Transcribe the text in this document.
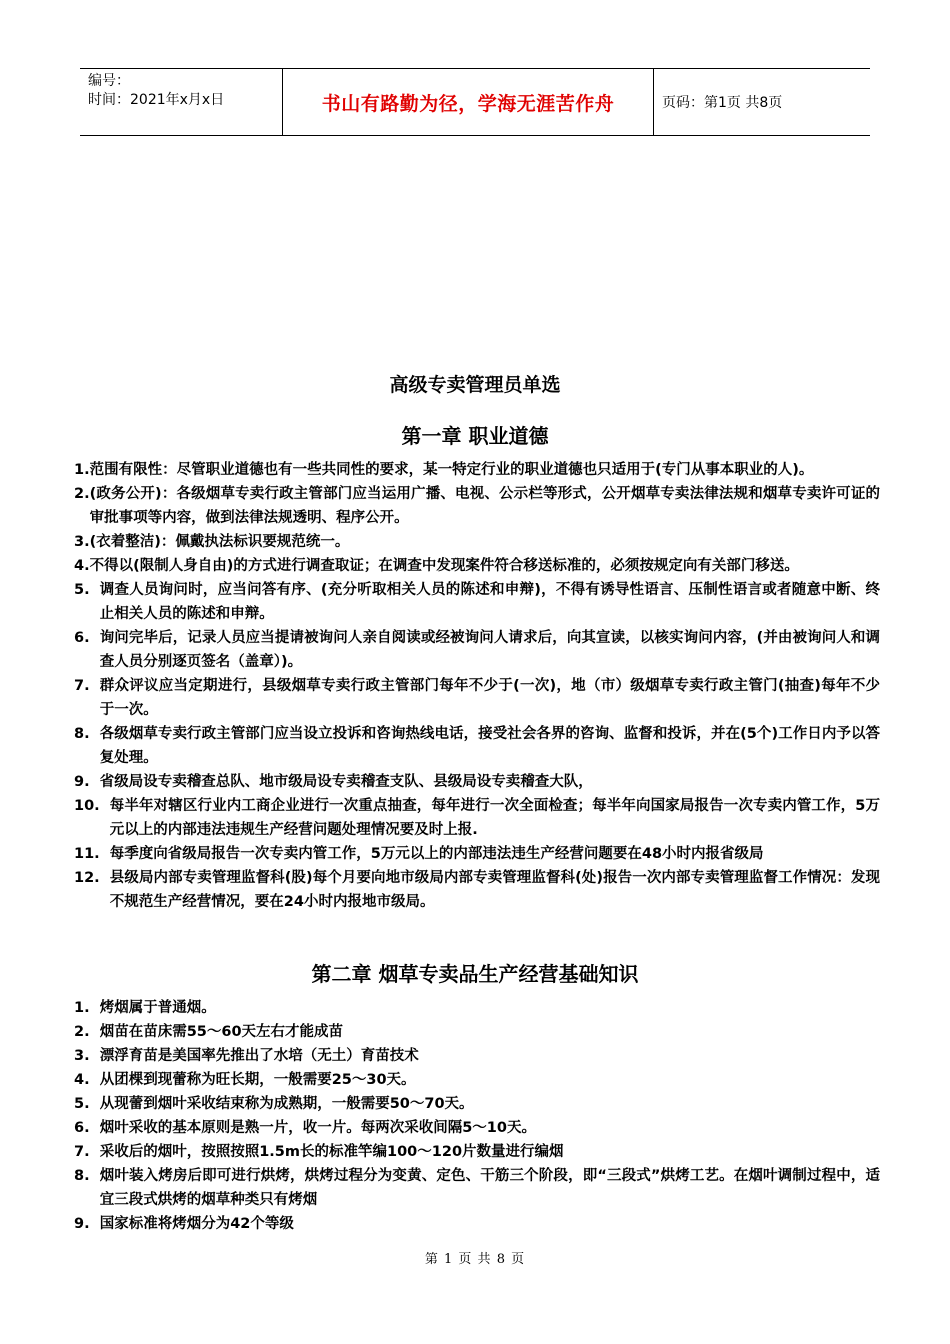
编号：
时间：2021年x月x日	书山有路勤为径，学海无涯苦作舟	页码：第1页 共8页
高级专卖管理员单选
第一章 职业道德
1. 范围有限性：尽管职业道德也有一些共同性的要求，某一特定行业的职业道德也只适用于(专门从事本职业的人)。
2. (政务公开)：各级烟草专卖行政主管部门应当运用广播、电视、公示栏等形式，公开烟草专卖法律法规和烟草专卖许可证的审批事项等内容，做到法律法规透明、程序公开。
3. (衣着整洁)：佩戴执法标识要规范统一。
4. 不得以(限制人身自由)的方式进行调查取证；在调查中发现案件符合移送标准的，必须按规定向有关部门移送。
5. 调查人员询问时，应当问答有序、(充分听取相关人员的陈述和申辩)，不得有诱导性语言、压制性语言或者随意中断、终止相关人员的陈述和申辩。
6. 询问完毕后，记录人员应当提请被询问人亲自阅读或经被询问人请求后，向其宣读，以核实询问内容，(并由被询问人和调查人员分别逐页签名（盖章）)。
7. 群众评议应当定期进行，县级烟草专卖行政主管部门每年不少于(一次)，地（市）级烟草专卖行政主管门(抽查)每年不少于一次。
8. 各级烟草专卖行政主管部门应当设立投诉和咨询热线电话，接受社会各界的咨询、监督和投诉，并在(5个)工作日内予以答复处理。
9. 省级局设专卖稽查总队、地市级局设专卖稽查支队、县级局设专卖稽查大队，
10. 每半年对辖区行业内工商企业进行一次重点抽查，每年进行一次全面检查；每半年向国家局报告一次专卖内管工作，5万元以上的内部违法违规生产经营问题处理情况要及时上报.
11. 每季度向省级局报告一次专卖内管工作，5万元以上的内部违法违生产经营问题要在48小时内报省级局
12. 县级局内部专卖管理监督科(股)每个月要向地市级局内部专卖管理监督科(处)报告一次内部专卖管理监督工作情况：发现不规范生产经营情况，要在24小时内报地市级局。
第二章 烟草专卖品生产经营基础知识
1. 烤烟属于普通烟。
2. 烟苗在苗床需55～60天左右才能成苗
3. 漂浮育苗是美国率先推出了水培（无土）育苗技术
4. 从团棵到现蕾称为旺长期，一般需要25～30天。
5. 从现蕾到烟叶采收结束称为成熟期，一般需要50～70天。
6. 烟叶采收的基本原则是熟一片，收一片。每两次采收间隔5～10天。
7. 采收后的烟叶，按照按照1.5m长的标准竿编100～120片数量进行编烟
8. 烟叶装入烤房后即可进行烘烤，烘烤过程分为变黄、定色、干筋三个阶段，即“三段式”烘烤工艺。在烟叶调制过程中，适宜三段式烘烤的烟草种类只有烤烟
9. 国家标准将烤烟分为42个等级
第 1 页 共 8 页
